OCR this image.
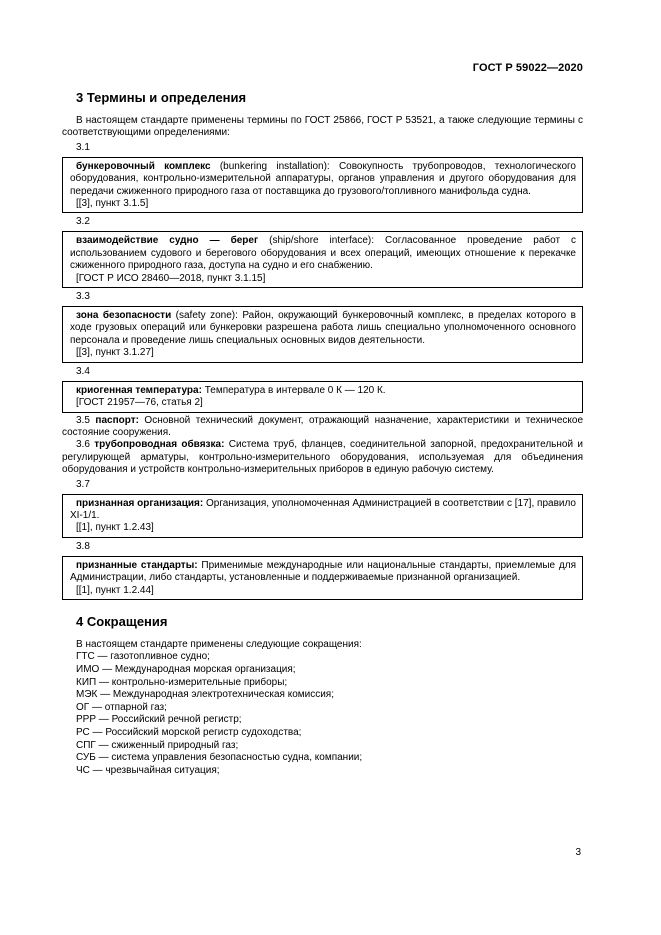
ГОСТ Р 59022—2020
3 Термины и определения

В настоящем стандарте применены термины по ГОСТ 25866, ГОСТ Р 53521, а также следующие термины с соответствующими определениями:

3.1
бункеровочный комплекс (bunkering installation): Совокупность трубопроводов, технологического оборудования, контрольно-измерительной аппаратуры, органов управления и другого оборудования для передачи сжиженного природного газа от поставщика до грузового/топливного манифольда судна.
[[3], пункт 3.1.5]
3.2
взаимодействие судно — берег (ship/shore interface): Согласованное проведение работ с использованием судового и берегового оборудования и всех операций, имеющих отношение к перекачке сжиженного природного газа, доступа на судно и его снабжению.
[ГОСТ Р ИСО 28460—2018, пункт 3.1.15]
3.3
зона безопасности (safety zone): Район, окружающий бункеровочный комплекс, в пределах которого в ходе грузовых операций или бункеровки разрешена работа лишь специально уполномоченного основного персонала и проведение лишь специальных основных видов деятельности.
[[3], пункт 3.1.27]
3.4
криогенная температура: Температура в интервале 0 К — 120 К.
[ГОСТ 21957—76, статья 2]

3.5 паспорт: Основной технический документ, отражающий назначение, характеристики и техническое состояние сооружения.

3.6 трубопроводная обвязка: Система труб, фланцев, соединительной запорной, предохранительной и регулирующей арматуры, контрольно-измерительного оборудования, используемая для объединения оборудования и устройств контрольно-измерительных приборов в единую рабочую систему.

3.7
признанная организация: Организация, уполномоченная Администрацией в соответствии с [17], правило XI-1/1.
[[1], пункт 1.2.43]
3.8
признанные стандарты: Применимые международные или национальные стандарты, приемлемые для Администрации, либо стандарты, установленные и поддерживаемые признанной организацией.
[[1], пункт 1.2.44]
4 Сокращения

В настоящем стандарте применены следующие сокращения:

ГТС — газотопливное судно;
ИМО — Международная морская организация;
КИП — контрольно-измерительные приборы;
МЭК — Международная электротехническая комиссия;
ОГ — отпарной газ;
РРР — Российский речной регистр;
РС — Российский морской регистр судоходства;
СПГ — сжиженный природный газ;
СУБ — система управления безопасностью судна, компании;
ЧС — чрезвычайная ситуация;
3
